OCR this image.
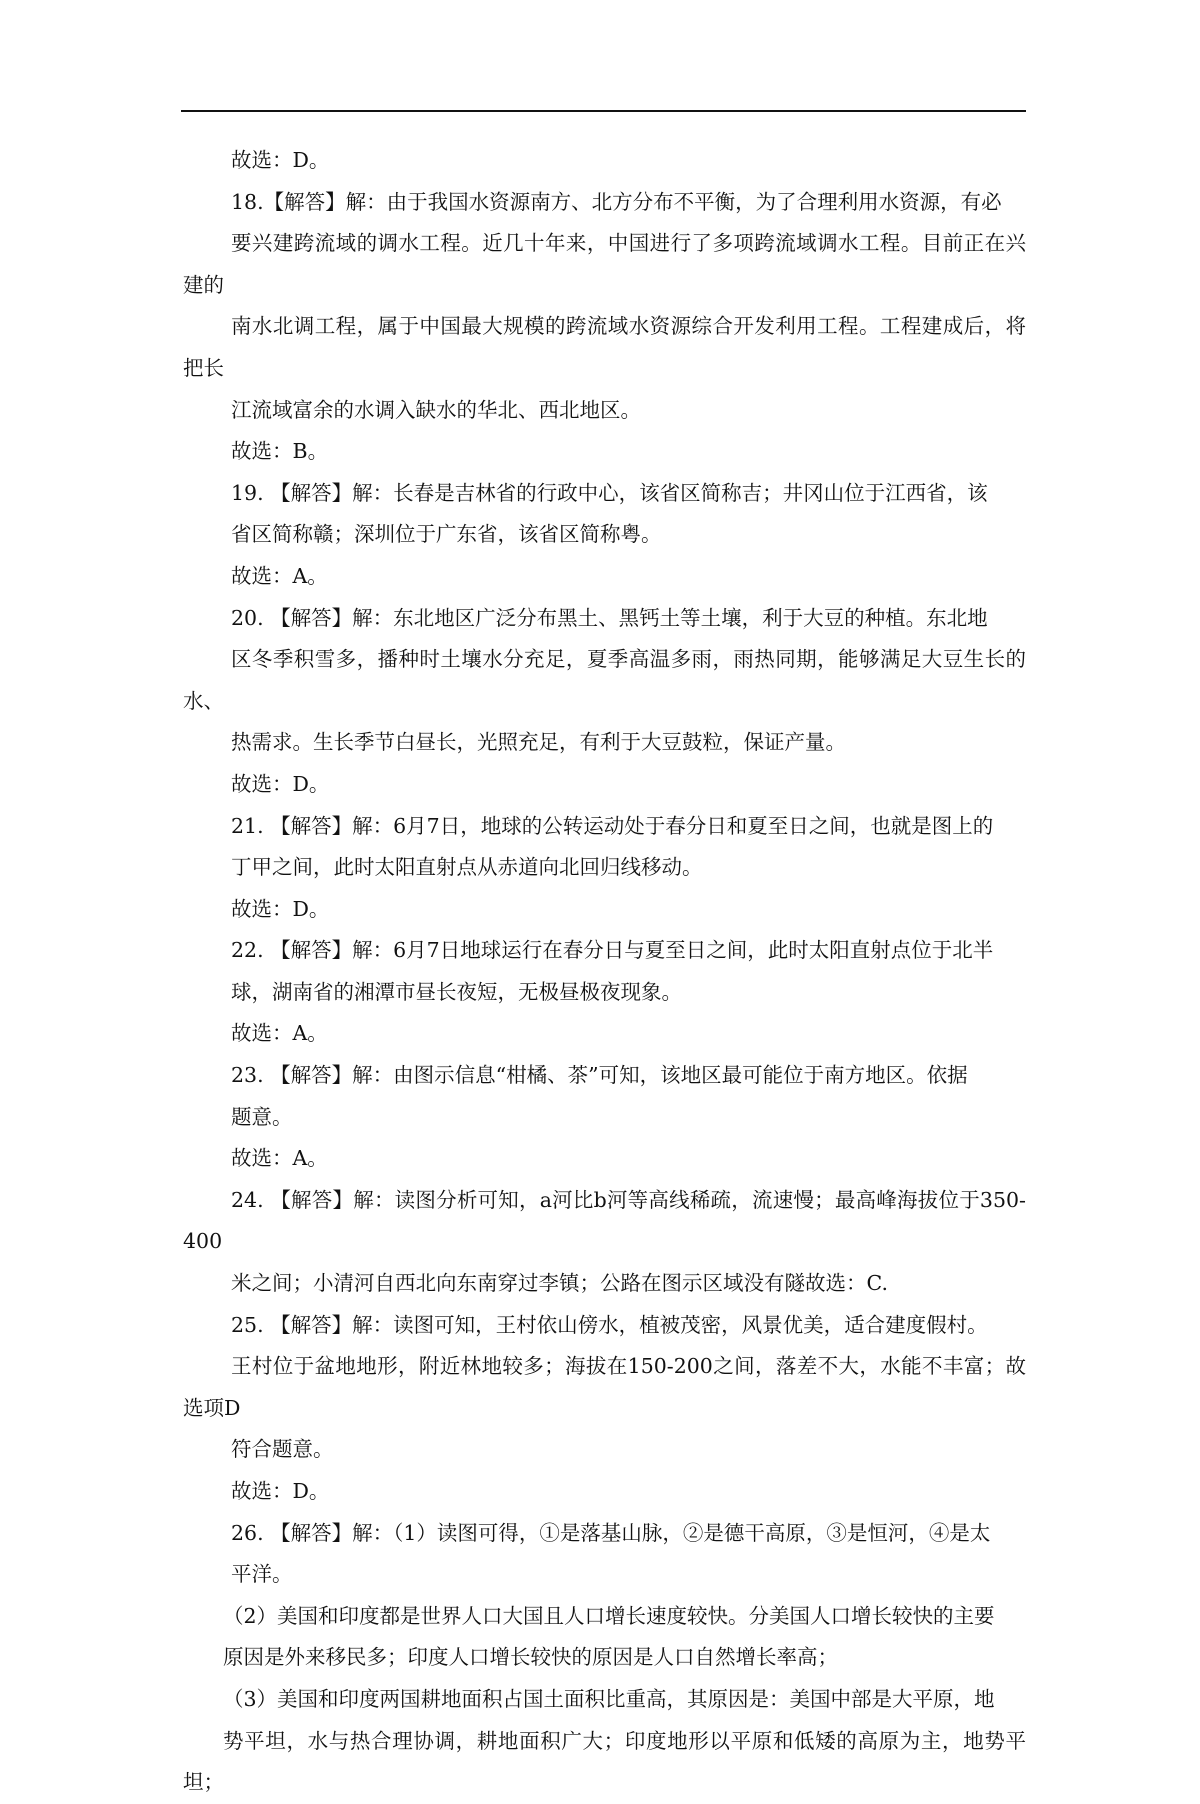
故选：D。

18.【解答】解：由于我国水资源南方、北方分布不平衡，为了合理利用水资源，有必
要兴建跨流域的调水工程。近几十年来，中国进行了多项跨流域调水工程。目前正在兴建的
南水北调工程，属于中国最大规模的跨流域水资源综合开发利用工程。工程建成后，将把长
江流域富余的水调入缺水的华北、西北地区。

故选：B。

19. 【解答】解：长春是吉林省的行政中心，该省区简称吉；井冈山位于江西省，该
省区简称赣；深圳位于广东省，该省区简称粤。

故选：A。

20. 【解答】解：东北地区广泛分布黑土、黑钙土等土壤，利于大豆的种植。东北地
区冬季积雪多，播种时土壤水分充足，夏季高温多雨，雨热同期，能够满足大豆生长的水、
热需求。生长季节白昼长，光照充足，有利于大豆鼓粒，保证产量。

故选：D。

21. 【解答】解：6月7日，地球的公转运动处于春分日和夏至日之间，也就是图上的
丁甲之间，此时太阳直射点从赤道向北回归线移动。

故选：D。

22. 【解答】解：6月7日地球运行在春分日与夏至日之间，此时太阳直射点位于北半
球，湖南省的湘潭市昼长夜短，无极昼极夜现象。

故选：A。

23. 【解答】解：由图示信息“柑橘、茶”可知，该地区最可能位于南方地区。依据
题意。

故选：A。

24. 【解答】解：读图分析可知，a河比b河等高线稀疏，流速慢；最高峰海拔位于350-400
米之间；小清河自西北向东南穿过李镇；公路在图示区域没有隧故选：C.

25. 【解答】解：读图可知，王村依山傍水，植被茂密，风景优美，适合建度假村。
王村位于盆地地形，附近林地较多；海拔在150-200之间，落差不大，水能不丰富；故选项D
符合题意。

故选：D。

26. 【解答】解：（1）读图可得，①是落基山脉，②是德干高原，③是恒河，④是太
平洋。

（2）美国和印度都是世界人口大国且人口增长速度较快。分美国人口增长较快的主要
原因是外来移民多；印度人口增长较快的原因是人口自然增长率高；

（3）美国和印度两国耕地面积占国土面积比重高，其原因是：美国中部是大平原，地
势平坦，水与热合理协调，耕地面积广大；印度地形以平原和低矮的高原为主，地势平坦；
